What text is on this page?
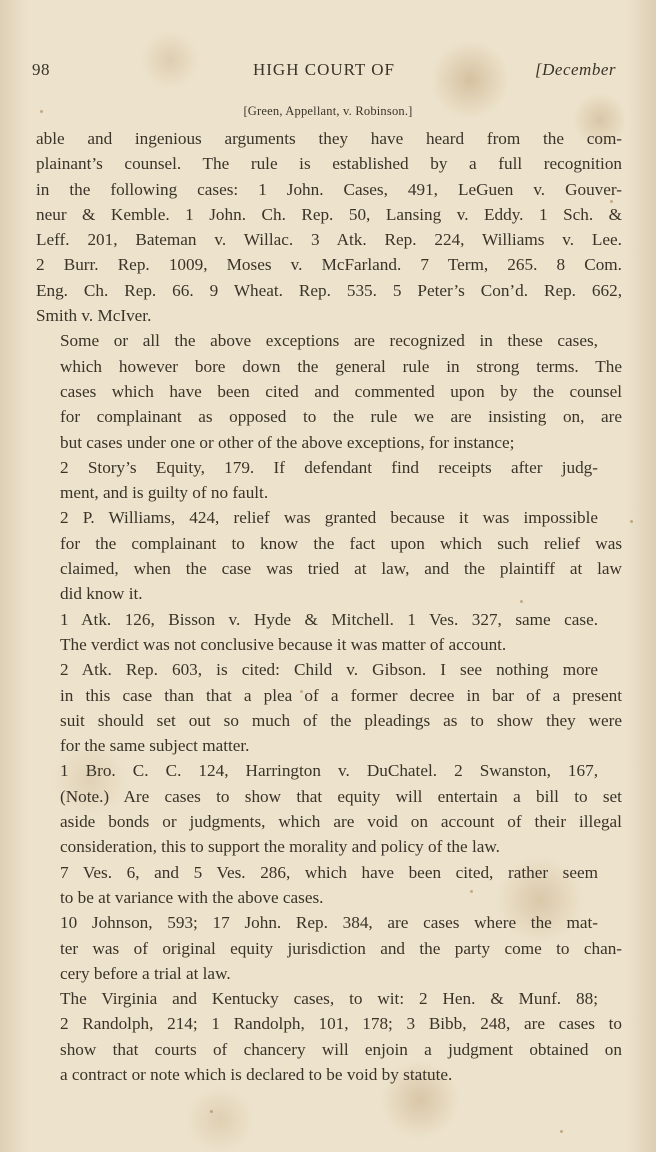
98	HIGH COURT OF	[December
[Green, Appellant, v. Robinson.]

able and ingenious arguments they have heard from the com-
plainant’s counsel. The rule is established by a full recognition
in the following cases: 1 John. Cases, 491, LeGuen v. Gouver-
neur & Kemble. 1 John. Ch. Rep. 50, Lansing v. Eddy. 1 Sch. &
Leff. 201, Bateman v. Willac. 3 Atk. Rep. 224, Williams v. Lee.
2 Burr. Rep. 1009, Moses v. McFarland. 7 Term, 265. 8 Com.
Eng. Ch. Rep. 66. 9 Wheat. Rep. 535. 5 Peter’s Con’d. Rep. 662,
Smith v. McIver.

Some or all the above exceptions are recognized in these cases,
which however bore down the general rule in strong terms. The
cases which have been cited and commented upon by the counsel
for complainant as opposed to the rule we are insisting on, are
but cases under one or other of the above exceptions, for instance;

2 Story’s Equity, 179. If defendant find receipts after judg-
ment, and is guilty of no fault.

2 P. Williams, 424, relief was granted because it was impossible
for the complainant to know the fact upon which such relief was
claimed, when the case was tried at law, and the plaintiff at law
did know it.

1 Atk. 126, Bisson v. Hyde & Mitchell. 1 Ves. 327, same case.
The verdict was not conclusive because it was matter of account.

2 Atk. Rep. 603, is cited: Child v. Gibson. I see nothing more
in this case than that a plea of a former decree in bar of a present
suit should set out so much of the pleadings as to show they were
for the same subject matter.

1 Bro. C. C. 124, Harrington v. DuChatel. 2 Swanston, 167,
(Note.) Are cases to show that equity will entertain a bill to set
aside bonds or judgments, which are void on account of their illegal
consideration, this to support the morality and policy of the law.

7 Ves. 6, and 5 Ves. 286, which have been cited, rather seem
to be at variance with the above cases.

10 Johnson, 593; 17 John. Rep. 384, are cases where the mat-
ter was of original equity jurisdiction and the party come to chan-
cery before a trial at law.

The Virginia and Kentucky cases, to wit: 2 Hen. & Munf. 88;
2 Randolph, 214; 1 Randolph, 101, 178; 3 Bibb, 248, are cases to
show that courts of chancery will enjoin a judgment obtained on
a contract or note which is declared to be void by statute.
